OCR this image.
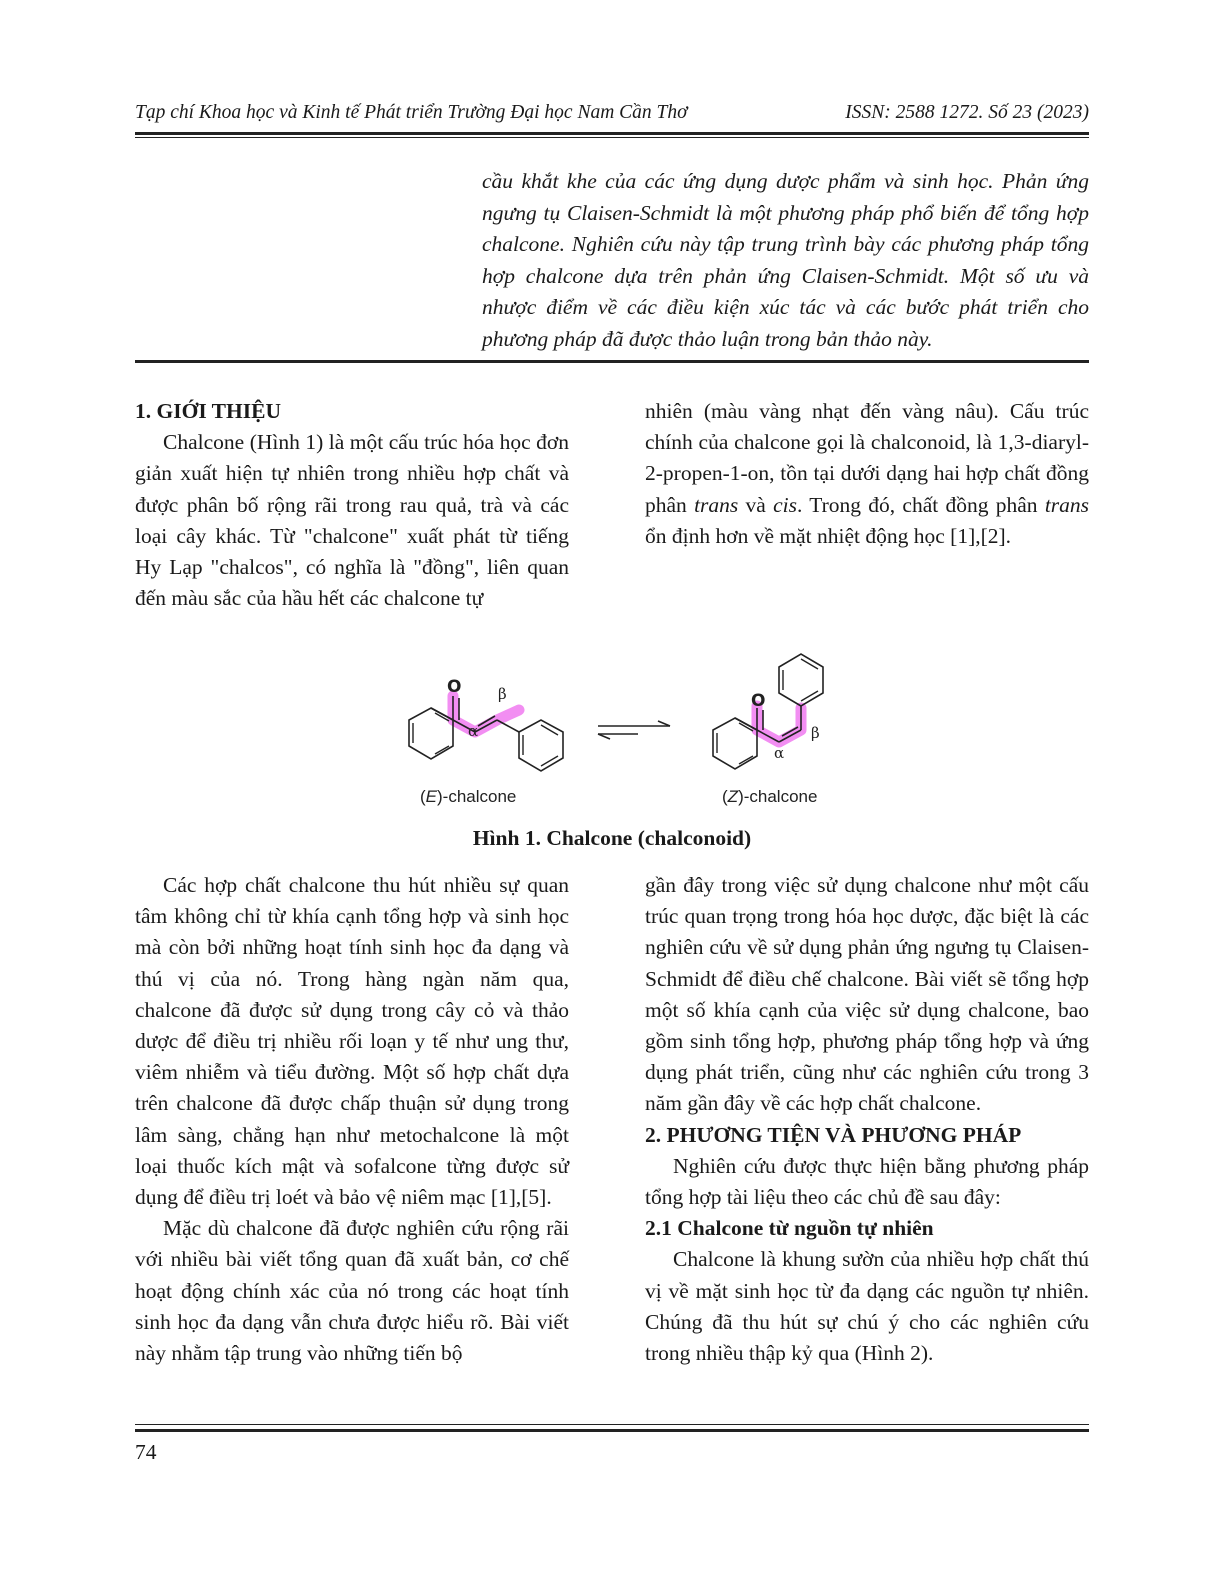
Tạp chí Khoa học và Kinh tế Phát triển Trường Đại học Nam Cần Thơ	ISSN: 2588 1272. Số 23 (2023)

cầu khắt khe của các ứng dụng dược phẩm và sinh học. Phản ứng ngưng tụ Claisen-Schmidt là một phương pháp phổ biến để tổng hợp chalcone. Nghiên cứu này tập trung trình bày các phương pháp tổng hợp chalcone dựa trên phản ứng Claisen-Schmidt. Một số ưu và nhược điểm về các điều kiện xúc tác và các bước phát triển cho phương pháp đã được thảo luận trong bản thảo này.

1. GIỚI THIỆU

Chalcone (Hình 1) là một cấu trúc hóa học đơn giản xuất hiện tự nhiên trong nhiều hợp chất và được phân bố rộng rãi trong rau quả, trà và các loại cây khác. Từ "chalcone" xuất phát từ tiếng Hy Lạp "chalcos", có nghĩa là "đồng", liên quan đến màu sắc của hầu hết các chalcone tự

nhiên (màu vàng nhạt đến vàng nâu). Cấu trúc chính của chalcone gọi là chalconoid, là 1,3-diaryl-2-propen-1-on, tồn tại dưới dạng hai hợp chất đồng phân trans và cis. Trong đó, chất đồng phân trans ổn định hơn về mặt nhiệt động học [1],[2].

O β
α
(E)-chalcone
O
β
α
(Z)-chalcone
Hình 1. Chalcone (chalconoid)

Các hợp chất chalcone thu hút nhiều sự quan tâm không chỉ từ khía cạnh tổng hợp và sinh học mà còn bởi những hoạt tính sinh học đa dạng và thú vị của nó. Trong hàng ngàn năm qua, chalcone đã được sử dụng trong cây cỏ và thảo dược để điều trị nhiều rối loạn y tế như ung thư, viêm nhiễm và tiểu đường. Một số hợp chất dựa trên chalcone đã được chấp thuận sử dụng trong lâm sàng, chẳng hạn như metochalcone là một loại thuốc kích mật và sofalcone từng được sử dụng để điều trị loét và bảo vệ niêm mạc [1],[5].

Mặc dù chalcone đã được nghiên cứu rộng rãi với nhiều bài viết tổng quan đã xuất bản, cơ chế hoạt động chính xác của nó trong các hoạt tính sinh học đa dạng vẫn chưa được hiểu rõ. Bài viết này nhằm tập trung vào những tiến bộ

gần đây trong việc sử dụng chalcone như một cấu trúc quan trọng trong hóa học dược, đặc biệt là các nghiên cứu về sử dụng phản ứng ngưng tụ Claisen-Schmidt để điều chế chalcone. Bài viết sẽ tổng hợp một số khía cạnh của việc sử dụng chalcone, bao gồm sinh tổng hợp, phương pháp tổng hợp và ứng dụng phát triển, cũng như các nghiên cứu trong 3 năm gần đây về các hợp chất chalcone.

2. PHƯƠNG TIỆN VÀ PHƯƠNG PHÁP

Nghiên cứu được thực hiện bằng phương pháp tổng hợp tài liệu theo các chủ đề sau đây:

2.1 Chalcone từ nguồn tự nhiên

Chalcone là khung sườn của nhiều hợp chất thú vị về mặt sinh học từ đa dạng các nguồn tự nhiên. Chúng đã thu hút sự chú ý cho các nghiên cứu trong nhiều thập kỷ qua (Hình 2).

74
